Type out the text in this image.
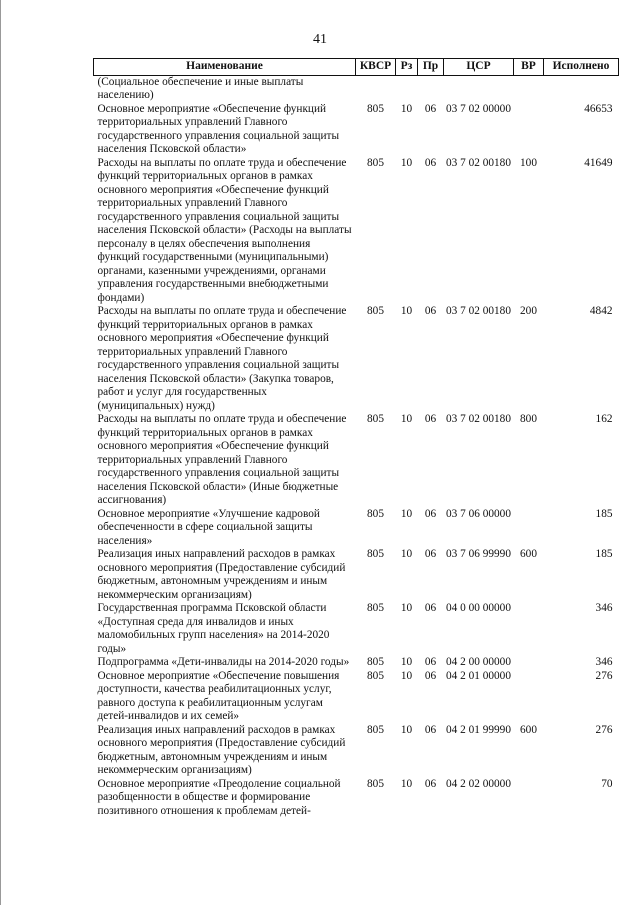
41
Наименование	КВСР	Рз	Пр	ЦСР	ВР	Исполнено
(Социальное обеспечение и иные выплаты населению)						
Основное мероприятие «Обеспечение функций территориальных управлений Главного государственного управления социальной защиты населения Псковской области»	805	10	06	03 7 02 00000		46653
Расходы на выплаты по оплате труда и обеспечение функций территориальных органов в рамках основного мероприятия «Обеспечение функций территориальных управлений Главного государственного управления социальной защиты населения Псковской области» (Расходы на выплаты персоналу в целях обеспечения выполнения функций государственными (муниципальными) органами, казенными учреждениями, органами управления государственными внебюджетными фондами)	805	10	06	03 7 02 00180	100	41649
Расходы на выплаты по оплате труда и обеспечение функций территориальных органов в рамках основного мероприятия «Обеспечение функций территориальных управлений Главного государственного управления социальной защиты населения Псковской области» (Закупка товаров, работ и услуг для государственных (муниципальных) нужд)	805	10	06	03 7 02 00180	200	4842
Расходы на выплаты по оплате труда и обеспечение функций территориальных органов в рамках основного мероприятия «Обеспечение функций территориальных управлений Главного государственного управления социальной защиты населения Псковской области» (Иные бюджетные ассигнования)	805	10	06	03 7 02 00180	800	162
Основное мероприятие «Улучшение кадровой обеспеченности в сфере социальной защиты населения»	805	10	06	03 7 06 00000		185
Реализация иных направлений расходов в рамках основного мероприятия (Предоставление субсидий бюджетным, автономным учреждениям и иным некоммерческим организациям)	805	10	06	03 7 06 99990	600	185
Государственная программа Псковской области «Доступная среда для инвалидов и иных маломобильных групп населения» на 2014-2020 годы»	805	10	06	04 0 00 00000		346
Подпрограмма «Дети-инвалиды на 2014-2020 годы»	805	10	06	04 2 00 00000		346
Основное мероприятие «Обеспечение повышения доступности, качества реабилитационных услуг, равного доступа к реабилитационным услугам детей-инвалидов и их семей»	805	10	06	04 2 01 00000		276
Реализация иных направлений расходов в рамках основного мероприятия (Предоставление субсидий бюджетным, автономным учреждениям и иным некоммерческим организациям)	805	10	06	04 2 01 99990	600	276
Основное мероприятие «Преодоление социальной разобщенности в обществе и формирование позитивного отношения к проблемам детей-	805	10	06	04 2 02 00000		70
